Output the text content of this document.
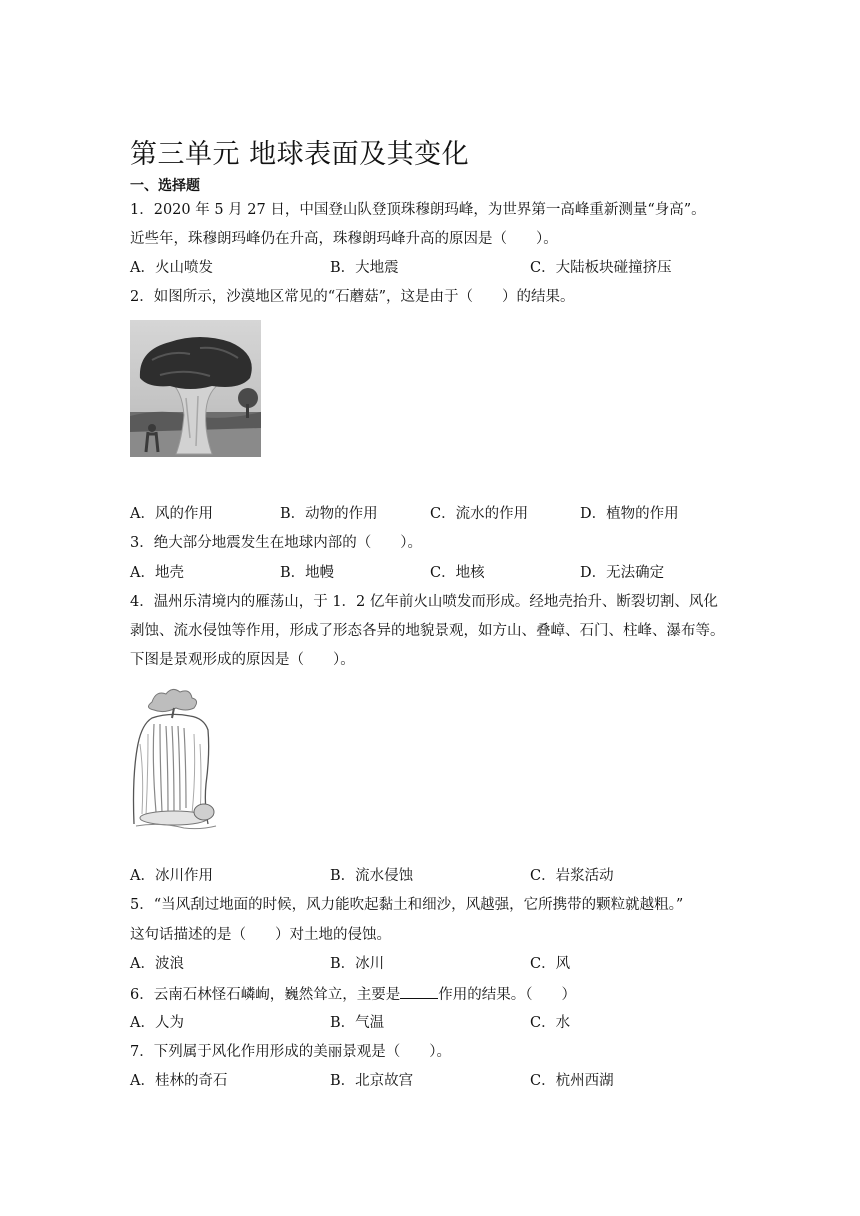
第三单元 地球表面及其变化
一、选择题
1．2020 年 5 月 27 日，中国登山队登顶珠穆朗玛峰，为世界第一高峰重新测量“身高”。
近些年，珠穆朗玛峰仍在升高，珠穆朗玛峰升高的原因是（　　）。
A．火山喷发	B．大地震	C．大陆板块碰撞挤压
2．如图所示，沙漠地区常见的“石蘑菇”，这是由于（　　）的结果。
A．风的作用	B．动物的作用	C．流水的作用	D．植物的作用
3．绝大部分地震发生在地球内部的（　　）。
A．地壳	B．地幔	C．地核	D．无法确定
4．温州乐清境内的雁荡山，于 1．2 亿年前火山喷发而形成。经地壳抬升、断裂切割、风化
剥蚀、流水侵蚀等作用，形成了形态各异的地貌景观，如方山、叠嶂、石门、柱峰、瀑布等。
下图是景观形成的原因是（　　）。
A．冰川作用	B．流水侵蚀	C．岩浆活动
5．“当风刮过地面的时候，风力能吹起黏土和细沙，风越强，它所携带的颗粒就越粗。”
这句话描述的是（　　）对土地的侵蚀。
A．波浪	B．冰川	C．风
6．云南石林怪石嶙峋，巍然耸立，主要是	作用的结果。（　　）
A．人为	B．气温	C．水
7．下列属于风化作用形成的美丽景观是（　　）。
A．桂林的奇石	B．北京故宫	C．杭州西湖
